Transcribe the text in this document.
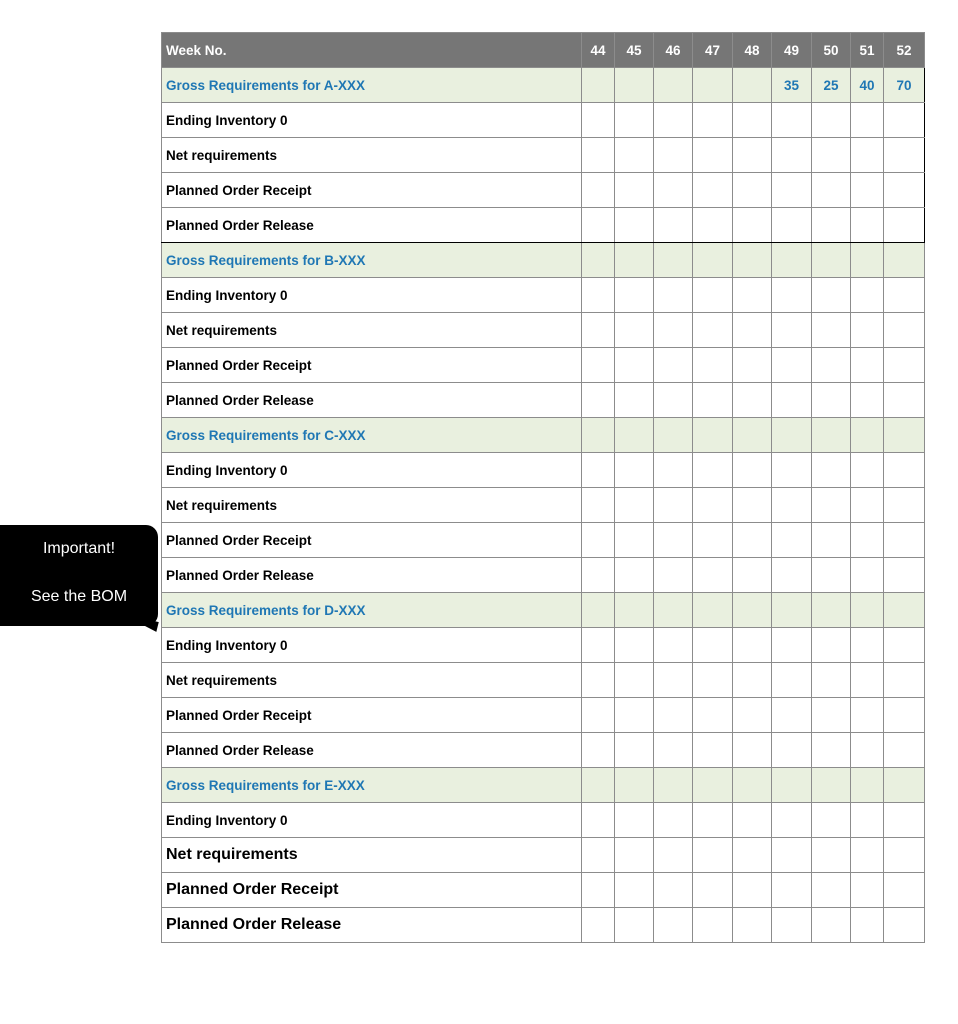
Week No.	44	45	46	47	48	49	50	51	52
Gross Requirements for A-XXX						35	25	40	70
Ending Inventory 0									
Net requirements									
Planned Order Receipt									
Planned Order Release									
Gross Requirements for B-XXX									
Ending Inventory 0									
Net requirements									
Planned Order Receipt									
Planned Order Release									
Gross Requirements for C-XXX									
Ending Inventory 0									
Net requirements									
Planned Order Receipt									
Planned Order Release									
Gross Requirements for D-XXX									
Ending Inventory 0									
Net requirements									
Planned Order Receipt									
Planned Order Release									
Gross Requirements for E-XXX									
Ending Inventory 0									
Net requirements									
Planned Order Receipt									
Planned Order Release									
Important!
See the BOM
